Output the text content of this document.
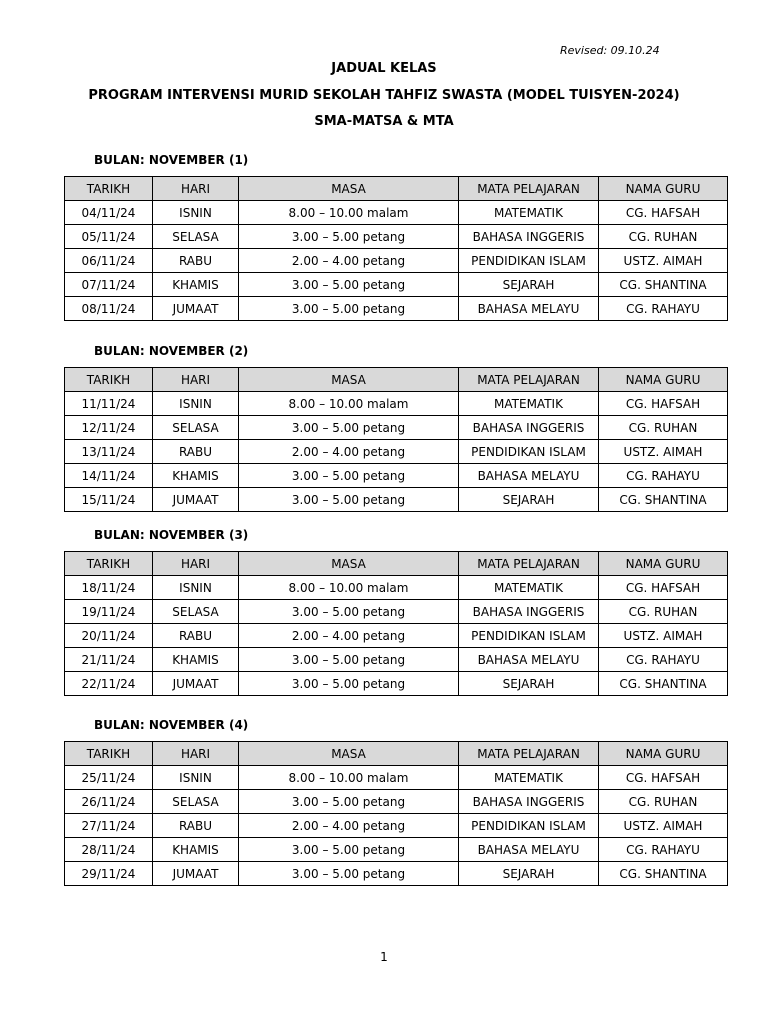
Revised: 09.10.24
JADUAL KELAS
PROGRAM INTERVENSI MURID SEKOLAH TAHFIZ SWASTA (MODEL TUISYEN-2024)
SMA-MATSA & MTA
BULAN: NOVEMBER (1)
TARIKH	HARI	MASA	MATA PELAJARAN	NAMA GURU
04/11/24	ISNIN	8.00 – 10.00 malam	MATEMATIK	CG. HAFSAH
05/11/24	SELASA	3.00 – 5.00 petang	BAHASA INGGERIS	CG. RUHAN
06/11/24	RABU	2.00 – 4.00 petang	PENDIDIKAN ISLAM	USTZ. AIMAH
07/11/24	KHAMIS	3.00 – 5.00 petang	SEJARAH	CG. SHANTINA
08/11/24	JUMAAT	3.00 – 5.00 petang	BAHASA MELAYU	CG. RAHAYU
BULAN: NOVEMBER (2)
TARIKH	HARI	MASA	MATA PELAJARAN	NAMA GURU
11/11/24	ISNIN	8.00 – 10.00 malam	MATEMATIK	CG. HAFSAH
12/11/24	SELASA	3.00 – 5.00 petang	BAHASA INGGERIS	CG. RUHAN
13/11/24	RABU	2.00 – 4.00 petang	PENDIDIKAN ISLAM	USTZ. AIMAH
14/11/24	KHAMIS	3.00 – 5.00 petang	BAHASA MELAYU	CG. RAHAYU
15/11/24	JUMAAT	3.00 – 5.00 petang	SEJARAH	CG. SHANTINA
BULAN: NOVEMBER (3)
TARIKH	HARI	MASA	MATA PELAJARAN	NAMA GURU
18/11/24	ISNIN	8.00 – 10.00 malam	MATEMATIK	CG. HAFSAH
19/11/24	SELASA	3.00 – 5.00 petang	BAHASA INGGERIS	CG. RUHAN
20/11/24	RABU	2.00 – 4.00 petang	PENDIDIKAN ISLAM	USTZ. AIMAH
21/11/24	KHAMIS	3.00 – 5.00 petang	BAHASA MELAYU	CG. RAHAYU
22/11/24	JUMAAT	3.00 – 5.00 petang	SEJARAH	CG. SHANTINA
BULAN: NOVEMBER (4)
TARIKH	HARI	MASA	MATA PELAJARAN	NAMA GURU
25/11/24	ISNIN	8.00 – 10.00 malam	MATEMATIK	CG. HAFSAH
26/11/24	SELASA	3.00 – 5.00 petang	BAHASA INGGERIS	CG. RUHAN
27/11/24	RABU	2.00 – 4.00 petang	PENDIDIKAN ISLAM	USTZ. AIMAH
28/11/24	KHAMIS	3.00 – 5.00 petang	BAHASA MELAYU	CG. RAHAYU
29/11/24	JUMAAT	3.00 – 5.00 petang	SEJARAH	CG. SHANTINA
1
